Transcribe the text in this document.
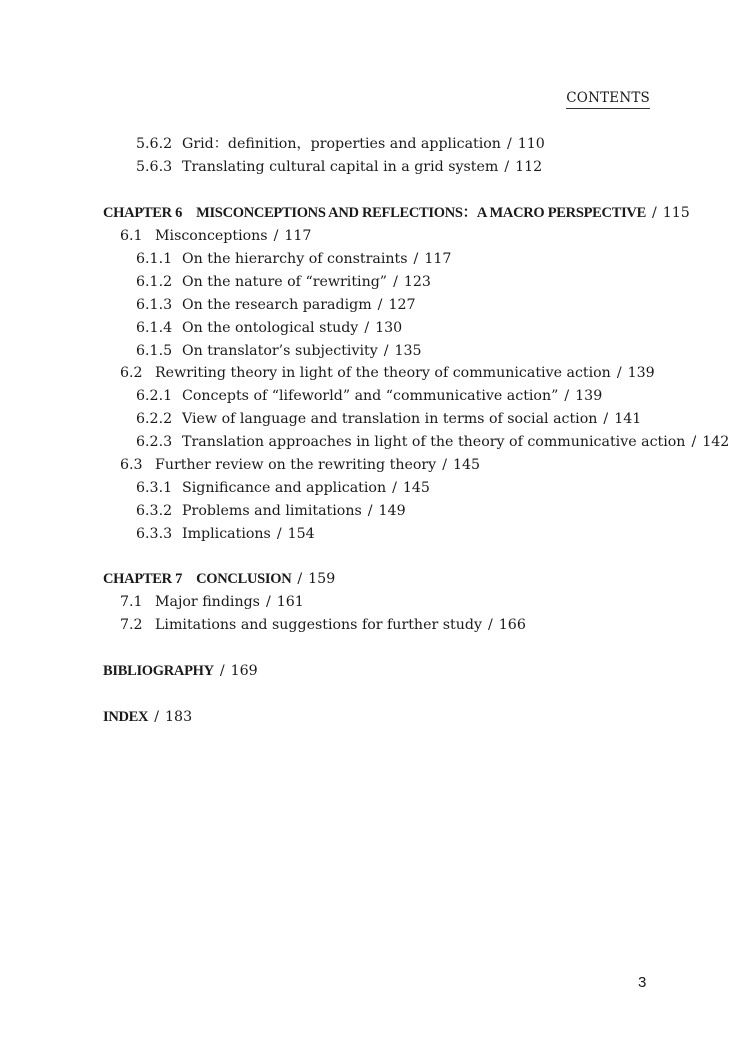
CONTENTS
5.6.2 Grid：definition，properties and application / 110
5.6.3 Translating cultural capital in a grid system / 112
CHAPTER 6 MISCONCEPTIONS AND REFLECTIONS：A MACRO PERSPECTIVE / 115
6.1 Misconceptions / 117
6.1.1 On the hierarchy of constraints / 117
6.1.2 On the nature of “rewriting” / 123
6.1.3 On the research paradigm / 127
6.1.4 On the ontological study / 130
6.1.5 On translator’s subjectivity / 135
6.2 Rewriting theory in light of the theory of communicative action / 139
6.2.1 Concepts of “lifeworld” and “communicative action” / 139
6.2.2 View of language and translation in terms of social action / 141
6.2.3 Translation approaches in light of the theory of communicative action / 142
6.3 Further review on the rewriting theory / 145
6.3.1 Significance and application / 145
6.3.2 Problems and limitations / 149
6.3.3 Implications / 154
CHAPTER 7 CONCLUSION / 159
7.1 Major findings / 161
7.2 Limitations and suggestions for further study / 166
BIBLIOGRAPHY / 169
INDEX / 183
3
